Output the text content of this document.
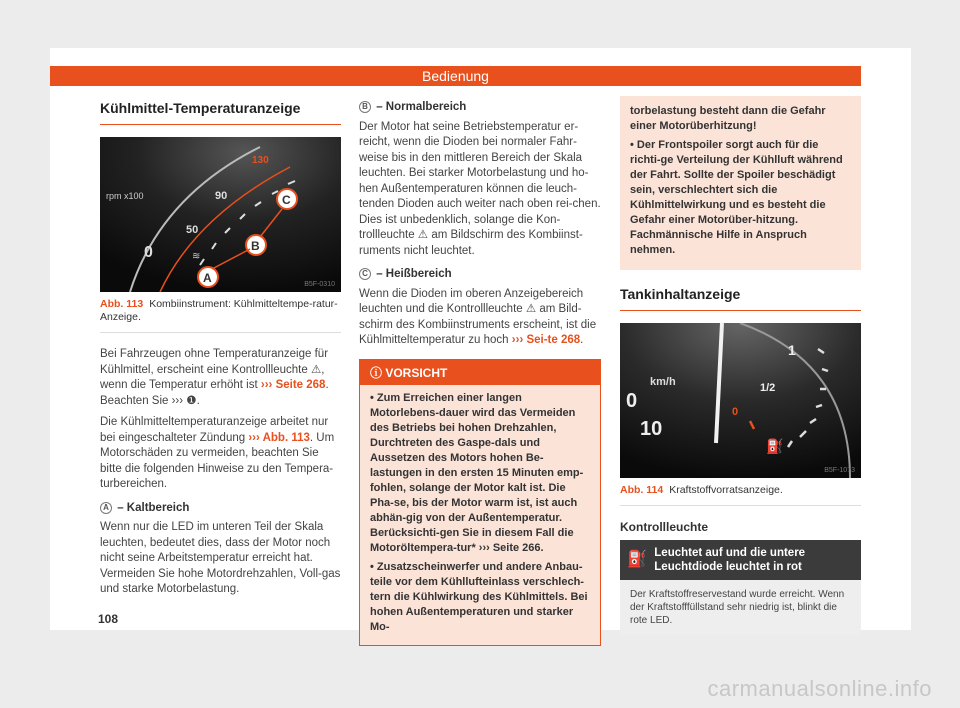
Bedienung
Kühlmittel-Temperaturanzeige
rpm x100
130
90
50
0	≋
A
B
C
B5F-0310
Abb. 113 Kombiinstrument: Kühlmitteltempe-ratur-Anzeige.

Bei Fahrzeugen ohne Temperaturanzeige für Kühlmittel, erscheint eine Kontrollleuchte ⚠, wenn die Temperatur erhöht ist ››› Seite 268. Beachten Sie ››› ❶.

Die Kühlmitteltemperaturanzeige arbeitet nur bei eingeschalteter Zündung ››› Abb. 113. Um Motorschäden zu vermeiden, beachten Sie bitte die folgenden Hinweise zu den Tempera-turbereichen.

A – Kaltbereich

Wenn nur die LED im unteren Teil der Skala leuchten, bedeutet dies, dass der Motor noch nicht seine Arbeitstemperatur erreicht hat. Vermeiden Sie hohe Motordrehzahlen, Voll-gas und starke Motorbelastung.

B – Normalbereich

Der Motor hat seine Betriebstemperatur er-reicht, wenn die Dioden bei normaler Fahr-weise bis in den mittleren Bereich der Skala leuchten. Bei starker Motorbelastung und ho-hen Außentemperaturen können die leuch-tenden Dioden auch weiter nach oben rei-chen. Dies ist unbedenklich, solange die Kon-trollleuchte ⚠ am Bildschirm des Kombiinst-ruments nicht leuchtet.

C – Heißbereich

Wenn die Dioden im oberen Anzeigebereich leuchten und die Kontrollleuchte ⚠ am Bild-schirm des Kombiinstruments erscheint, ist die Kühlmitteltemperatur zu hoch ››› Sei-te 268.

ⓘ VORSICHT

• Zum Erreichen einer langen Motorlebens-dauer wird das Vermeiden des Betriebs bei hohen Drehzahlen, Durchtreten des Gaspe-dals und Aussetzen des Motors hohen Be-lastungen in den ersten 15 Minuten emp-fohlen, solange der Motor kalt ist. Die Pha-se, bis der Motor warm ist, ist auch abhän-gig von der Außentemperatur. Berücksichti-gen Sie in diesem Fall die Motoröltempera-tur* ››› Seite 266.

• Zusatzscheinwerfer und andere Anbau-teile vor dem Kühllufteinlass verschlech-tern die Kühlwirkung des Kühlmittels. Bei hohen Außentemperaturen und starker Mo-

torbelastung besteht dann die Gefahr einer Motorüberhitzung!

• Der Frontspoiler sorgt auch für die richti-ge Verteilung der Kühlluft während der Fahrt. Sollte der Spoiler beschädigt sein, verschlechtert sich die Kühlmittelwirkung und es besteht die Gefahr einer Motorüber-hitzung. Fachmännische Hilfe in Anspruch nehmen.

Tankinhaltanzeige
km/h
0
10
1
1/2
0
⛽
B5F-1073
Abb. 114 Kraftstoffvorratsanzeige.
Kontrollleuchte
⛽ Leuchtet auf und die untere Leuchtdiode leuchtet in rot
Der Kraftstoffreservestand wurde erreicht. Wenn der Kraftstofffüllstand sehr niedrig ist, blinkt die rote LED.
108
carmanualsonline.info
